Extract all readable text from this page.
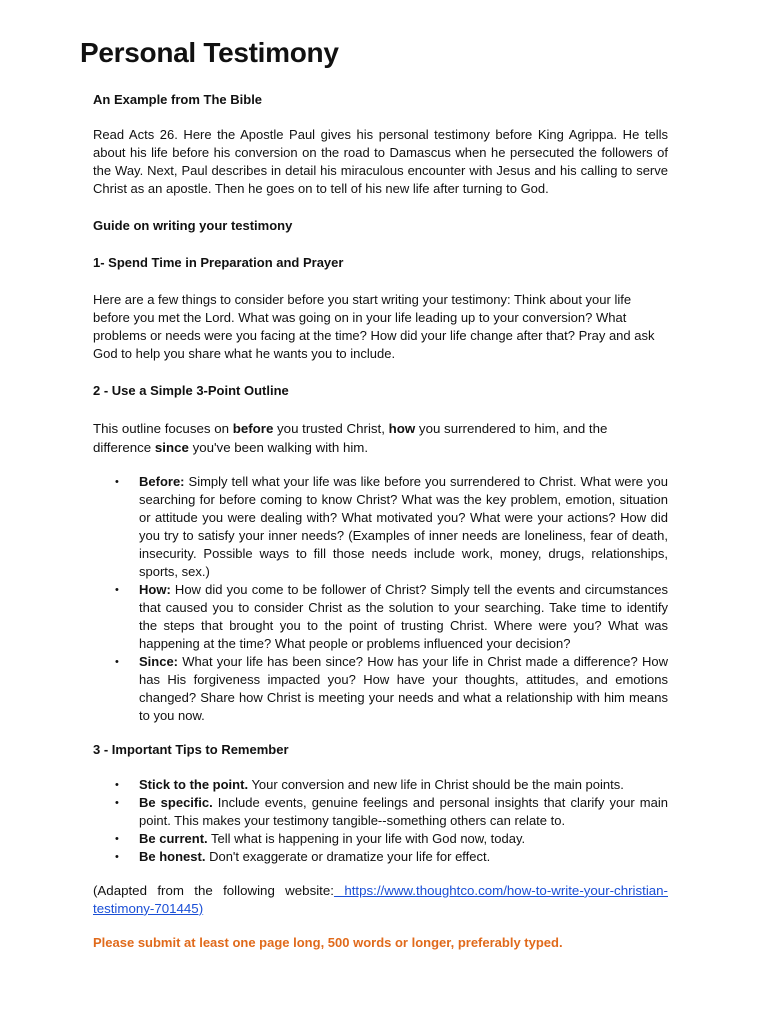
Personal Testimony

An Example from The Bible

Read Acts 26. Here the Apostle Paul gives his personal testimony before King Agrippa. He tells about his life before his conversion on the road to Damascus when he persecuted the followers of the Way. Next, Paul describes in detail his miraculous encounter with Jesus and his calling to serve Christ as an apostle. Then he goes on to tell of his new life after turning to God.

Guide on writing your testimony

1- Spend Time in Preparation and Prayer

Here are a few things to consider before you start writing your testimony: Think about your life before you met the Lord. What was going on in your life leading up to your conversion? What problems or needs were you facing at the time? How did your life change after that? Pray and ask God to help you share what he wants you to include.

2 - Use a Simple 3-Point Outline

This outline focuses on before you trusted Christ, how you surrendered to him, and the difference since you've been walking with him.

• Before: Simply tell what your life was like before you surrendered to Christ. What were you searching for before coming to know Christ? What was the key problem, emotion, situation or attitude you were dealing with? What motivated you? What were your actions? How did you try to satisfy your inner needs? (Examples of inner needs are loneliness, fear of death, insecurity. Possible ways to fill those needs include work, money, drugs, relationships, sports, sex.)
• How: How did you come to be follower of Christ? Simply tell the events and circumstances that caused you to consider Christ as the solution to your searching. Take time to identify the steps that brought you to the point of trusting Christ. Where were you? What was happening at the time? What people or problems influenced your decision?
• Since: What your life has been since? How has your life in Christ made a difference? How has His forgiveness impacted you? How have your thoughts, attitudes, and emotions changed? Share how Christ is meeting your needs and what a relationship with him means to you now.

3 - Important Tips to Remember

• Stick to the point. Your conversion and new life in Christ should be the main points.
• Be specific. Include events, genuine feelings and personal insights that clarify your main point. This makes your testimony tangible--something others can relate to.
• Be current. Tell what is happening in your life with God now, today.
• Be honest. Don't exaggerate or dramatize your life for effect.

(Adapted from the following website: https://www.thoughtco.com/how-to-write-your-christian-testimony-701445)

Please submit at least one page long, 500 words or longer, preferably typed.
